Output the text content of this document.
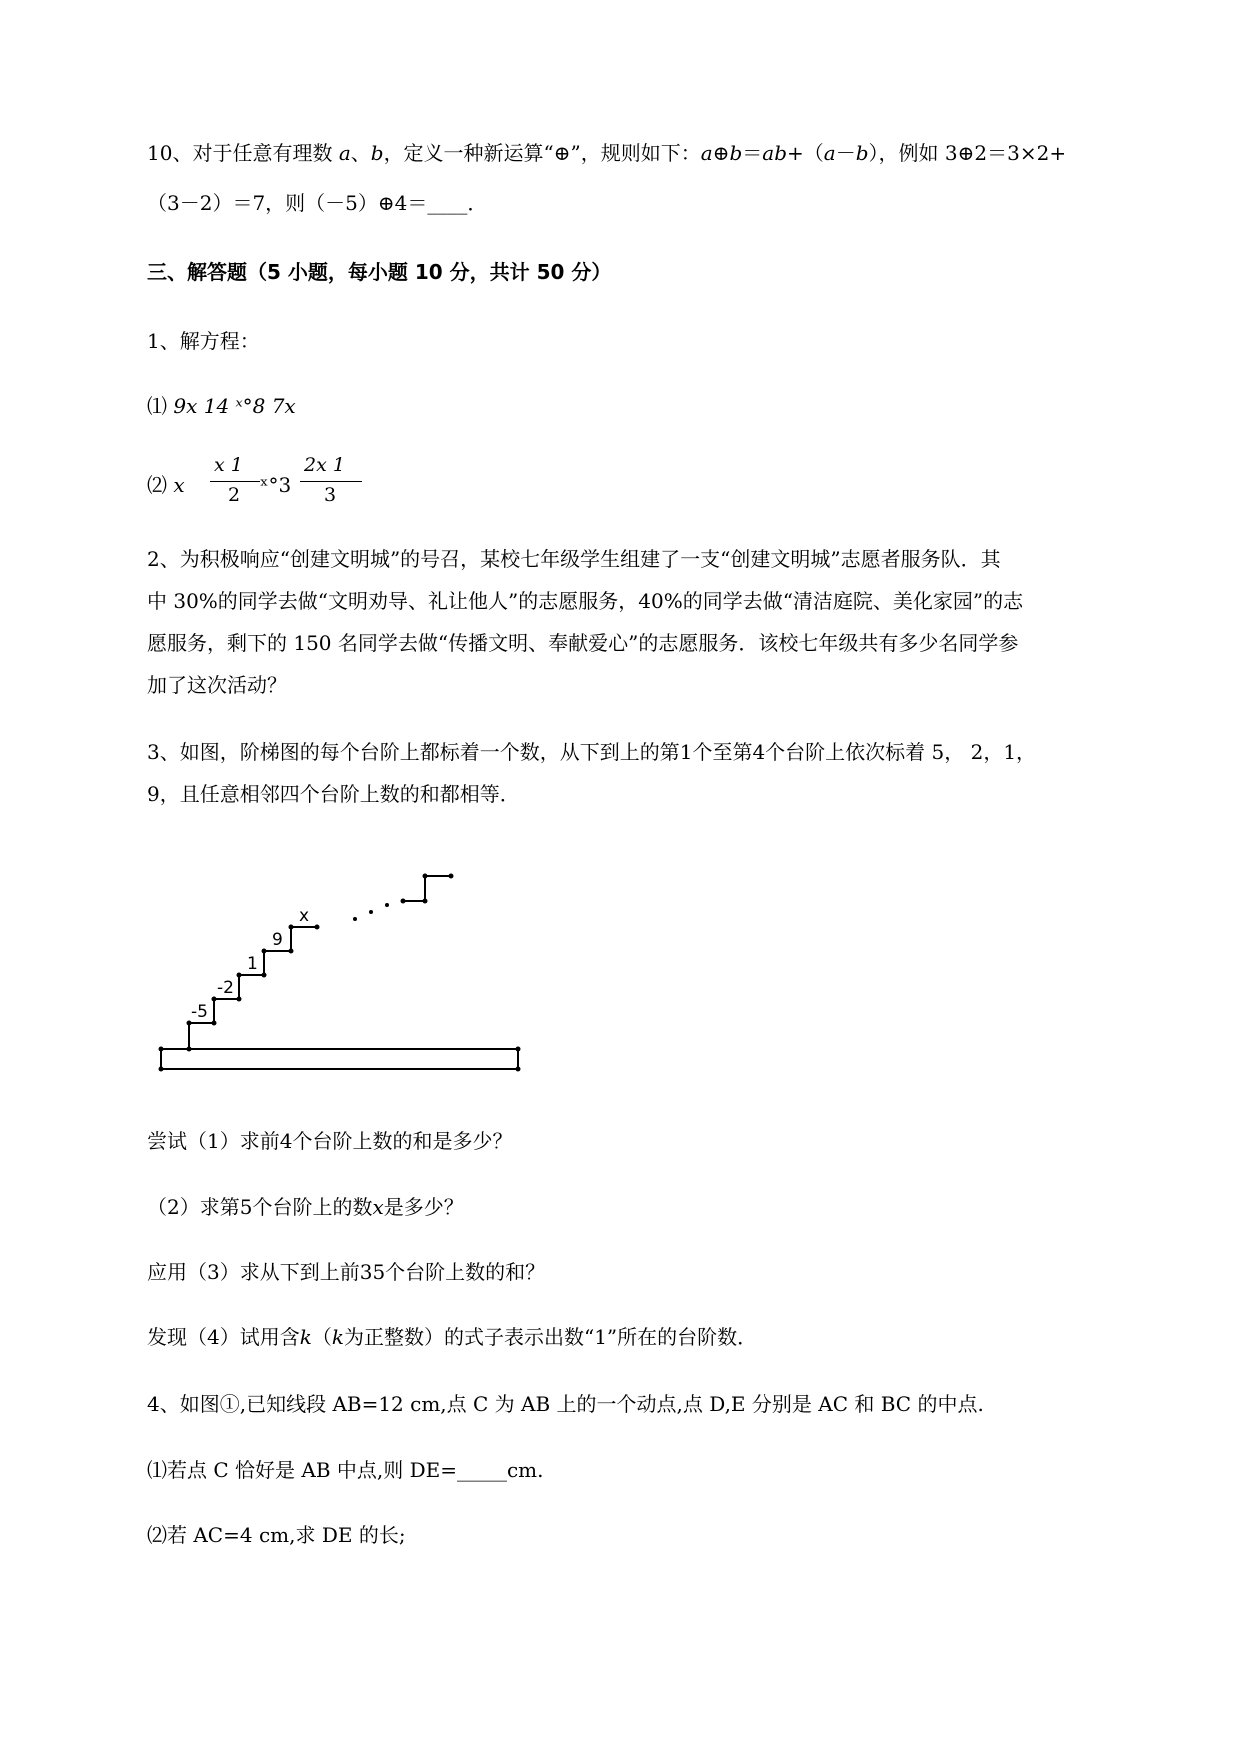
10、对于任意有理数 a、b，定义一种新运算“⊕”，规则如下：a⊕b＝ab+（a－b），例如 3⊕2＝3×2+
（3－2）＝7，则（－5）⊕4＝____．
三、解答题（5 小题，每小题 10 分，共计 50 分）
1、解方程：
⑴ 9x 14 ˣ°8 7x
⑵ x
x 1
2 ˣ°3
2x 1
3
2、为积极响应“创建文明城”的号召，某校七年级学生组建了一支“创建文明城”志愿者服务队．其
中 30%的同学去做“文明劝导、礼让他人”的志愿服务，40%的同学去做“清洁庭院、美化家园”的志
愿服务，剩下的 150 名同学去做“传播文明、奉献爱心”的志愿服务．该校七年级共有多少名同学参
加了这次活动？
3、如图，阶梯图的每个台阶上都标着一个数，从下到上的第1个至第4个台阶上依次标着 5， 2，1，
9，且任意相邻四个台阶上数的和都相等．
-5
-2
1
9
x
尝试（1）求前4个台阶上数的和是多少？
（2）求第5个台阶上的数x是多少？
应用（3）求从下到上前35个台阶上数的和？
发现（4）试用含k（k为正整数）的式子表示出数“1”所在的台阶数．
4、如图①,已知线段 AB=12 cm,点 C 为 AB 上的一个动点,点 D,E 分别是 AC 和 BC 的中点.
⑴若点 C 恰好是 AB 中点,则 DE=_____cm.
⑵若 AC=4 cm,求 DE 的长;
